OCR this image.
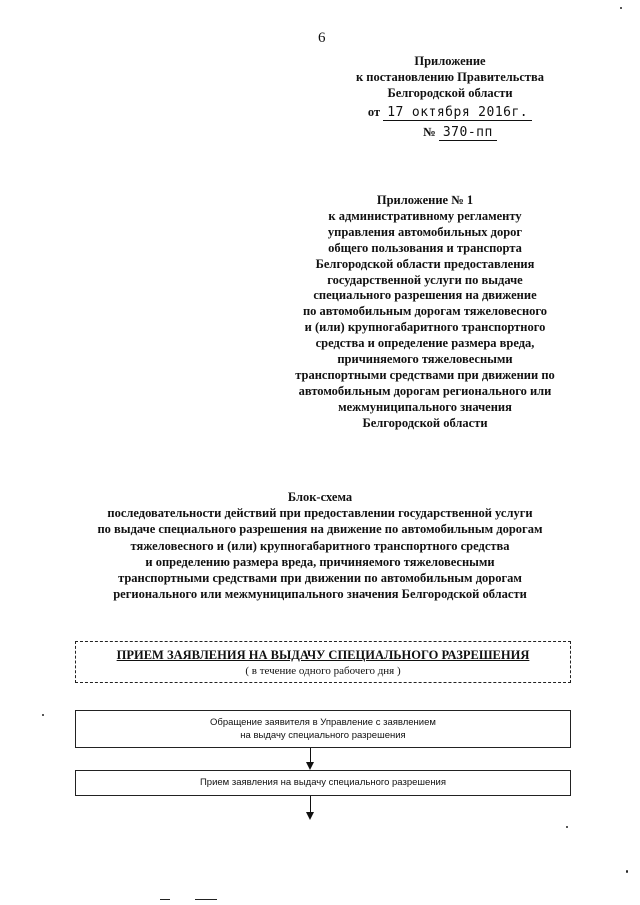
6
Приложение
к постановлению Правительства
Белгородской области
от 17 октября 2016г.
№ 370-пп
Приложение № 1
к административному регламенту
управления автомобильных дорог
общего пользования и транспорта
Белгородской области предоставления
государственной услуги по выдаче
специального разрешения на движение
по автомобильным дорогам тяжеловесного
и (или) крупногабаритного транспортного
средства и определение размера вреда,
причиняемого тяжеловесными
транспортными средствами при движении по
автомобильным дорогам регионального или
межмуниципального значения
Белгородской области
Блок-схема
последовательности действий при предоставлении государственной услуги
по выдаче специального разрешения на движение по автомобильным дорогам
тяжеловесного и (или) крупногабаритного транспортного средства
и определению размера вреда, причиняемого тяжеловесными
транспортными средствами при движении по автомобильным дорогам
регионального или межмуниципального значения Белгородской области
ПРИЕМ ЗАЯВЛЕНИЯ НА ВЫДАЧУ СПЕЦИАЛЬНОГО РАЗРЕШЕНИЯ
( в течение одного рабочего дня )
Обращение заявителя в Управление с заявлением
на выдачу специального разрешения
Прием заявления на выдачу специального разрешения
